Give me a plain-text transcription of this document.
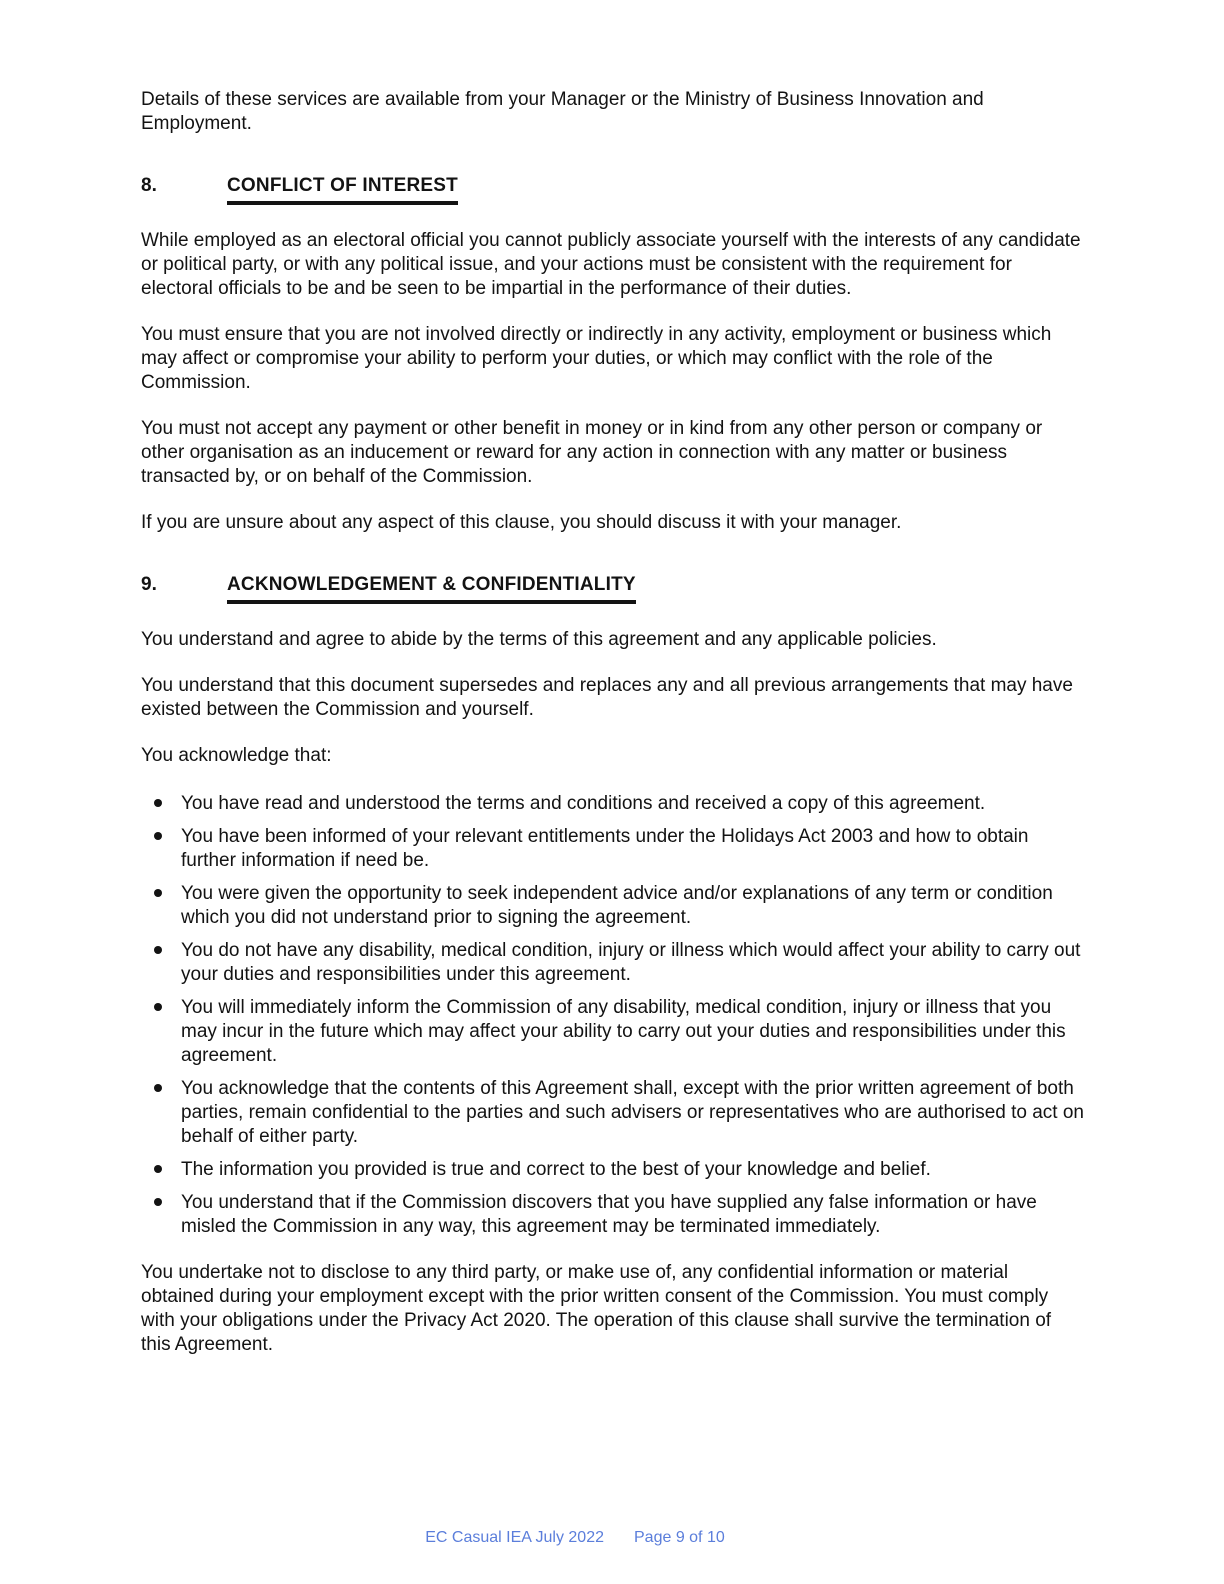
Details of these services are available from your Manager or the Ministry of Business Innovation and Employment.

8.	CONFLICT OF INTEREST

While employed as an electoral official you cannot publicly associate yourself with the interests of any candidate or political party, or with any political issue, and your actions must be consistent with the requirement for electoral officials to be and be seen to be impartial in the performance of their duties.

You must ensure that you are not involved directly or indirectly in any activity, employment or business which may affect or compromise your ability to perform your duties, or which may conflict with the role of the Commission.

You must not accept any payment or other benefit in money or in kind from any other person or company or other organisation as an inducement or reward for any action in connection with any matter or business transacted by, or on behalf of the Commission.

If you are unsure about any aspect of this clause, you should discuss it with your manager.

9.	ACKNOWLEDGEMENT & CONFIDENTIALITY

You understand and agree to abide by the terms of this agreement and any applicable policies.

You understand that this document supersedes and replaces any and all previous arrangements that may have existed between the Commission and yourself.

You acknowledge that:

You have read and understood the terms and conditions and received a copy of this agreement.
You have been informed of your relevant entitlements under the Holidays Act 2003 and how to obtain further information if need be.
You were given the opportunity to seek independent advice and/or explanations of any term or condition which you did not understand prior to signing the agreement.
You do not have any disability, medical condition, injury or illness which would affect your ability to carry out your duties and responsibilities under this agreement.
You will immediately inform the Commission of any disability, medical condition, injury or illness that you may incur in the future which may affect your ability to carry out your duties and responsibilities under this agreement.
You acknowledge that the contents of this Agreement shall, except with the prior written agreement of both parties, remain confidential to the parties and such advisers or representatives who are authorised to act on behalf of either party.
The information you provided is true and correct to the best of your knowledge and belief.
You understand that if the Commission discovers that you have supplied any false information or have misled the Commission in any way, this agreement may be terminated immediately.

You undertake not to disclose to any third party, or make use of, any confidential information or material obtained during your employment except with the prior written consent of the Commission. You must comply with your obligations under the Privacy Act 2020. The operation of this clause shall survive the termination of this Agreement.

EC Casual IEA July 2022 Page 9 of 10
